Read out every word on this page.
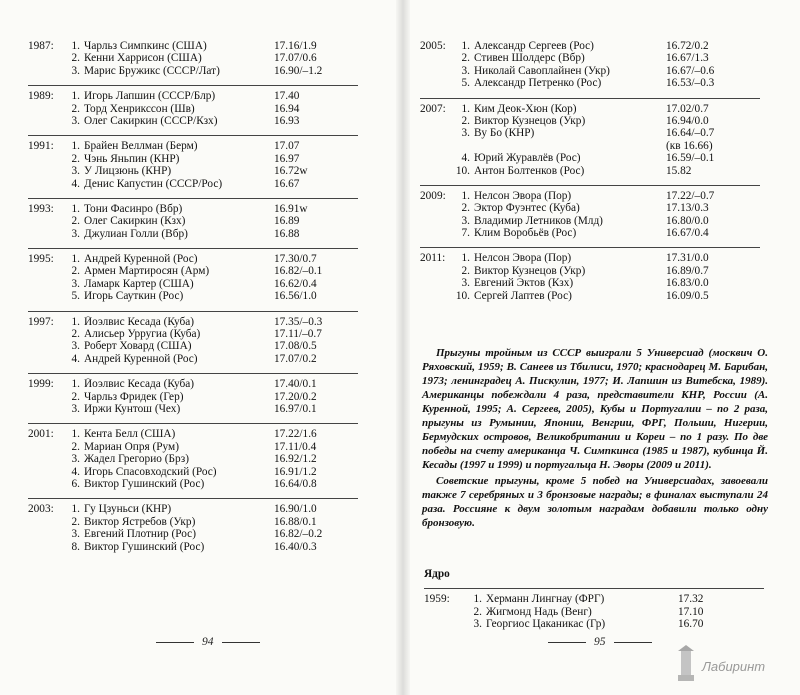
1987:	1. Чарльз Симпкинс (США)	17.16/1.9
2. Кенни Харрисон (США)	17.07/0.6
3. Марис Бружикс (СССР/Лат)	16.90/–1.2
1989:	1. Игорь Лапшин (СССР/Блр)	17.40
2. Торд Хенрикссон (Шв)	16.94
3. Олег Сакиркин (СССР/Кзх)	16.93
1991:	1. Брайен Веллман (Берм)	17.07
2. Чэнь Яньпин (КНР)	16.97
3. У Лицзюнь (КНР)	16.72w
4. Денис Капустин (СССР/Рос)	16.67
1993:	1. Тони Фасинро (Вбр)	16.91w
2. Олег Сакиркин (Кзх)	16.89
3. Джулиан Голли (Вбр)	16.88
1995:	1. Андрей Куренной (Рос)	17.30/0.7
2. Армен Мартиросян (Арм)	16.82/–0.1
3. Ламарк Картер (США)	16.62/0.4
5. Игорь Сауткин (Рос)	16.56/1.0
1997:	1. Йоэлвис Кесада (Куба)	17.35/–0.3
2. Алисьер Урругиа (Куба)	17.11/–0.7
3. Роберт Ховард (США)	17.08/0.5
4. Андрей Куренной (Рос)	17.07/0.2
1999:	1. Йоэлвис Кесада (Куба)	17.40/0.1
2. Чарльз Фридек (Гер)	17.20/0.2
3. Иржи Кунтош (Чех)	16.97/0.1
2001:	1. Кента Белл (США)	17.22/1.6
2. Мариан Опря (Рум)	17.11/0.4
3. Жадел Грегорио (Брз)	16.92/1.2
4. Игорь Спасовходский (Рос)	16.91/1.2
6. Виктор Гушинский (Рос)	16.64/0.8
2003:	1. Гу Цзуньси (КНР)	16.90/1.0
2. Виктор Ястребов (Укр)	16.88/0.1
3. Евгений Плотнир (Рос)	16.82/–0.2
8. Виктор Гушинский (Рос)	16.40/0.3
94
2005:	1. Александр Сергеев (Рос)	16.72/0.2
2. Стивен Шолдерс (Вбр)	16.67/1.3
3. Николай Савоплайнен (Укр)	16.67/–0.6
5. Александр Петренко (Рос)	16.53/–0.3
2007:	1. Ким Деок-Хюн (Кор)	17.02/0.7
2. Виктор Кузнецов (Укр)	16.94/0.0
3. Ву Бо (КНР)	16.64/–0.7
(кв 16.66)
4. Юрий Журавлёв (Рос)	16.59/–0.1
10. Антон Болтенков (Рос)	15.82
2009:	1. Нелсон Эвора (Пор)	17.22/–0.7
2. Эктор Фуэнтес (Куба)	17.13/0.3
3. Владимир Летников (Млд)	16.80/0.0
7. Клим Воробьёв (Рос)	16.67/0.4
2011:	1. Нелсон Эвора (Пор)	17.31/0.0
2. Виктор Кузнецов (Укр)	16.89/0.7
3. Евгений Эктов (Кзх)	16.83/0.0
10. Сергей Лаптев (Рос)	16.09/0.5

Прыгуны тройным из СССР выиграли 5 Универсиад (москвич О. Ряховский, 1959; В. Санеев из Тбилиси, 1970; краснодарец М. Барибан, 1973; ленинградец А. Пискулин, 1977; И. Лапшин из Витебска, 1989). Американцы побеждали 4 раза, представители КНР, России (А. Куренной, 1995; А. Сергеев, 2005), Кубы и Португалии – по 2 раза, прыгуны из Румынии, Японии, Венгрии, ФРГ, Польши, Нигерии, Бермудских островов, Великобритании и Кореи – по 1 разу. По две победы на счету американца Ч. Симпкинса (1985 и 1987), кубинца Й. Кесады (1997 и 1999) и португальца Н. Эворы (2009 и 2011).

Советские прыгуны, кроме 5 побед на Универсиадах, завоевали также 7 серебряных и 3 бронзовые награды; в финалах выступали 24 раза. Россияне к двум золотым наградам добавили только одну бронзовую.

Ядро
1959:	1. Херманн Лингнау (ФРГ)	17.32
2. Жигмонд Надь (Венг)	17.10
3. Георгиос Цаканикас (Гр)	16.70
95
Лабиринт
